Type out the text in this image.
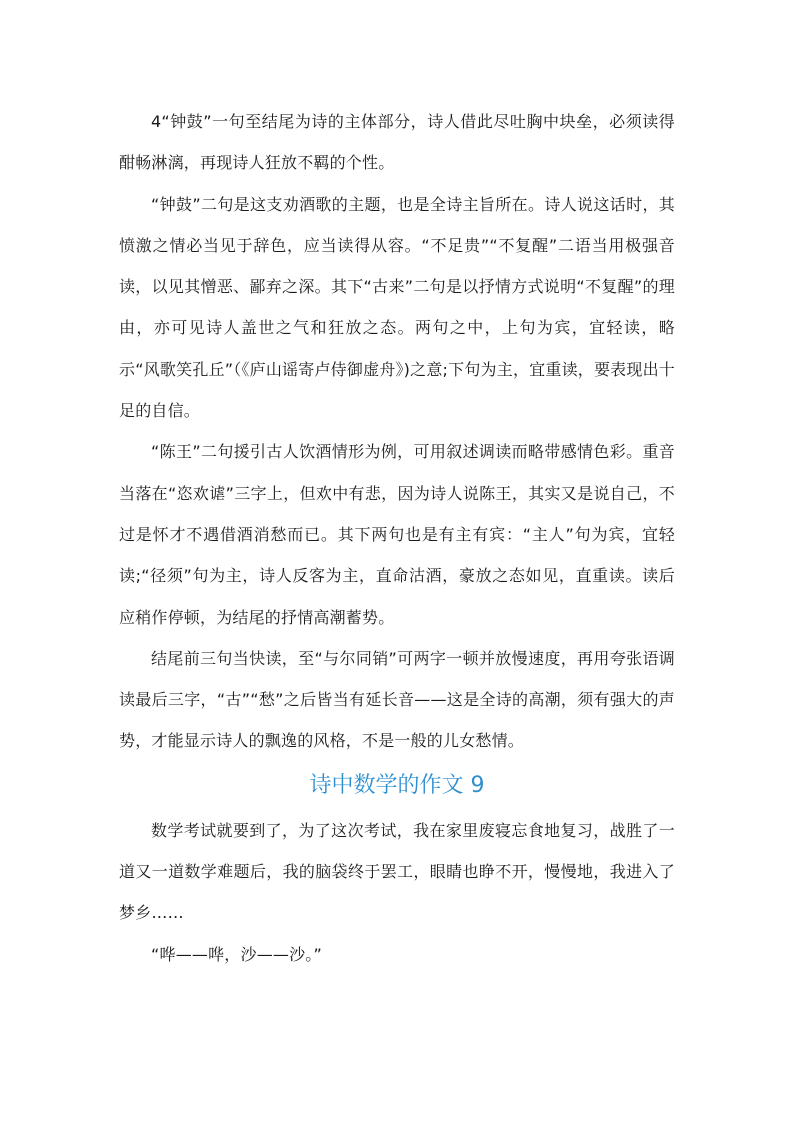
4“钟鼓”一句至结尾为诗的主体部分，诗人借此尽吐胸中块垒，必须读得酣畅淋漓，再现诗人狂放不羁的个性。

“钟鼓”二句是这支劝酒歌的主题，也是全诗主旨所在。诗人说这话时，其愤激之情必当见于辞色，应当读得从容。“不足贵”“不复醒”二语当用极强音读，以见其憎恶、鄙弃之深。其下“古来”二句是以抒情方式说明“不复醒”的理由，亦可见诗人盖世之气和狂放之态。两句之中，上句为宾，宜轻读，略示“风歌笑孔丘”（《庐山谣寄卢侍御虚舟》)之意;下句为主，宜重读，要表现出十足的自信。

“陈王”二句援引古人饮酒情形为例，可用叙述调读而略带感情色彩。重音当落在“恣欢谑”三字上，但欢中有悲，因为诗人说陈王，其实又是说自己，不过是怀才不遇借酒消愁而已。其下两句也是有主有宾：“主人”句为宾，宜轻读;“径须”句为主，诗人反客为主，直命沽酒，豪放之态如见，直重读。读后应稍作停顿，为结尾的抒情高潮蓄势。

结尾前三句当快读，至“与尔同销”可两字一顿并放慢速度，再用夸张语调读最后三字，“古”“愁”之后皆当有延长音——这是全诗的高潮，须有强大的声势，才能显示诗人的飘逸的风格，不是一般的儿女愁情。

诗中数学的作文 9

数学考试就要到了，为了这次考试，我在家里废寝忘食地复习，战胜了一道又一道数学难题后，我的脑袋终于罢工，眼睛也睁不开，慢慢地，我进入了梦乡……

“哗——哗，沙——沙。”
